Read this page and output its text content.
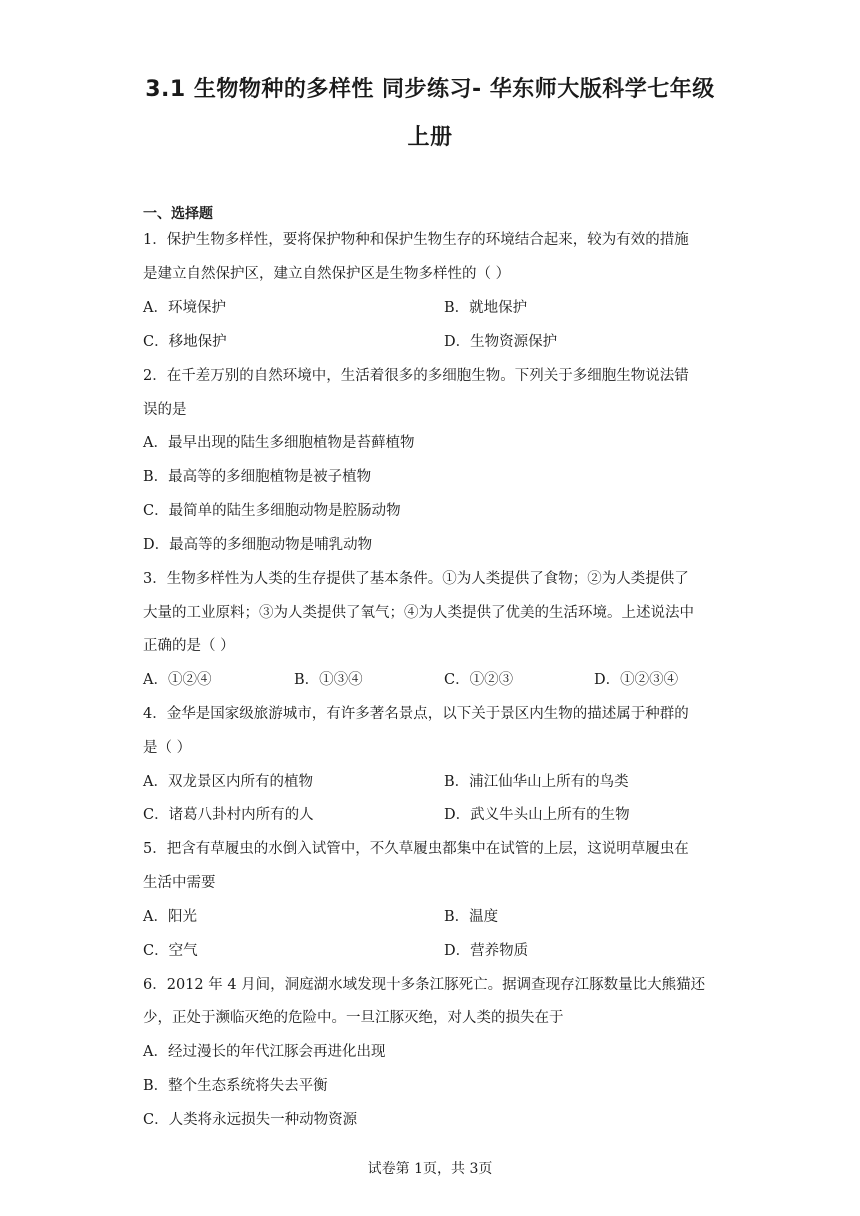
3.1 生物物种的多样性 同步练习- 华东师大版科学七年级
上册
一、选择题
1．保护生物多样性，要将保护物种和保护生物生存的环境结合起来，较为有效的措施
是建立自然保护区，建立自然保护区是生物多样性的（ ）
A．环境保护	B．就地保护
C．移地保护	D．生物资源保护
2．在千差万别的自然环境中，生活着很多的多细胞生物。下列关于多细胞生物说法错
误的是
A．最早出现的陆生多细胞植物是苔藓植物
B．最高等的多细胞植物是被子植物
C．最简单的陆生多细胞动物是腔肠动物
D．最高等的多细胞动物是哺乳动物
3．生物多样性为人类的生存提供了基本条件。①为人类提供了食物；②为人类提供了
大量的工业原料；③为人类提供了氧气；④为人类提供了优美的生活环境。上述说法中
正确的是（ ）
A．①②④	B．①③④	C．①②③	D．①②③④
4．金华是国家级旅游城市，有许多著名景点，以下关于景区内生物的描述属于种群的
是（ ）
A．双龙景区内所有的植物	B．浦江仙华山上所有的鸟类
C．诸葛八卦村内所有的人	D．武义牛头山上所有的生物
5．把含有草履虫的水倒入试管中，不久草履虫都集中在试管的上层，这说明草履虫在
生活中需要
A．阳光	B．温度
C．空气	D．营养物质
6．2012 年 4 月间，洞庭湖水域发现十多条江豚死亡。据调查现存江豚数量比大熊猫还
少，正处于濒临灭绝的危险中。一旦江豚灭绝，对人类的损失在于
A．经过漫长的年代江豚会再进化出现
B．整个生态系统将失去平衡
C．人类将永远损失一种动物资源
试卷第 1页，共 3页
